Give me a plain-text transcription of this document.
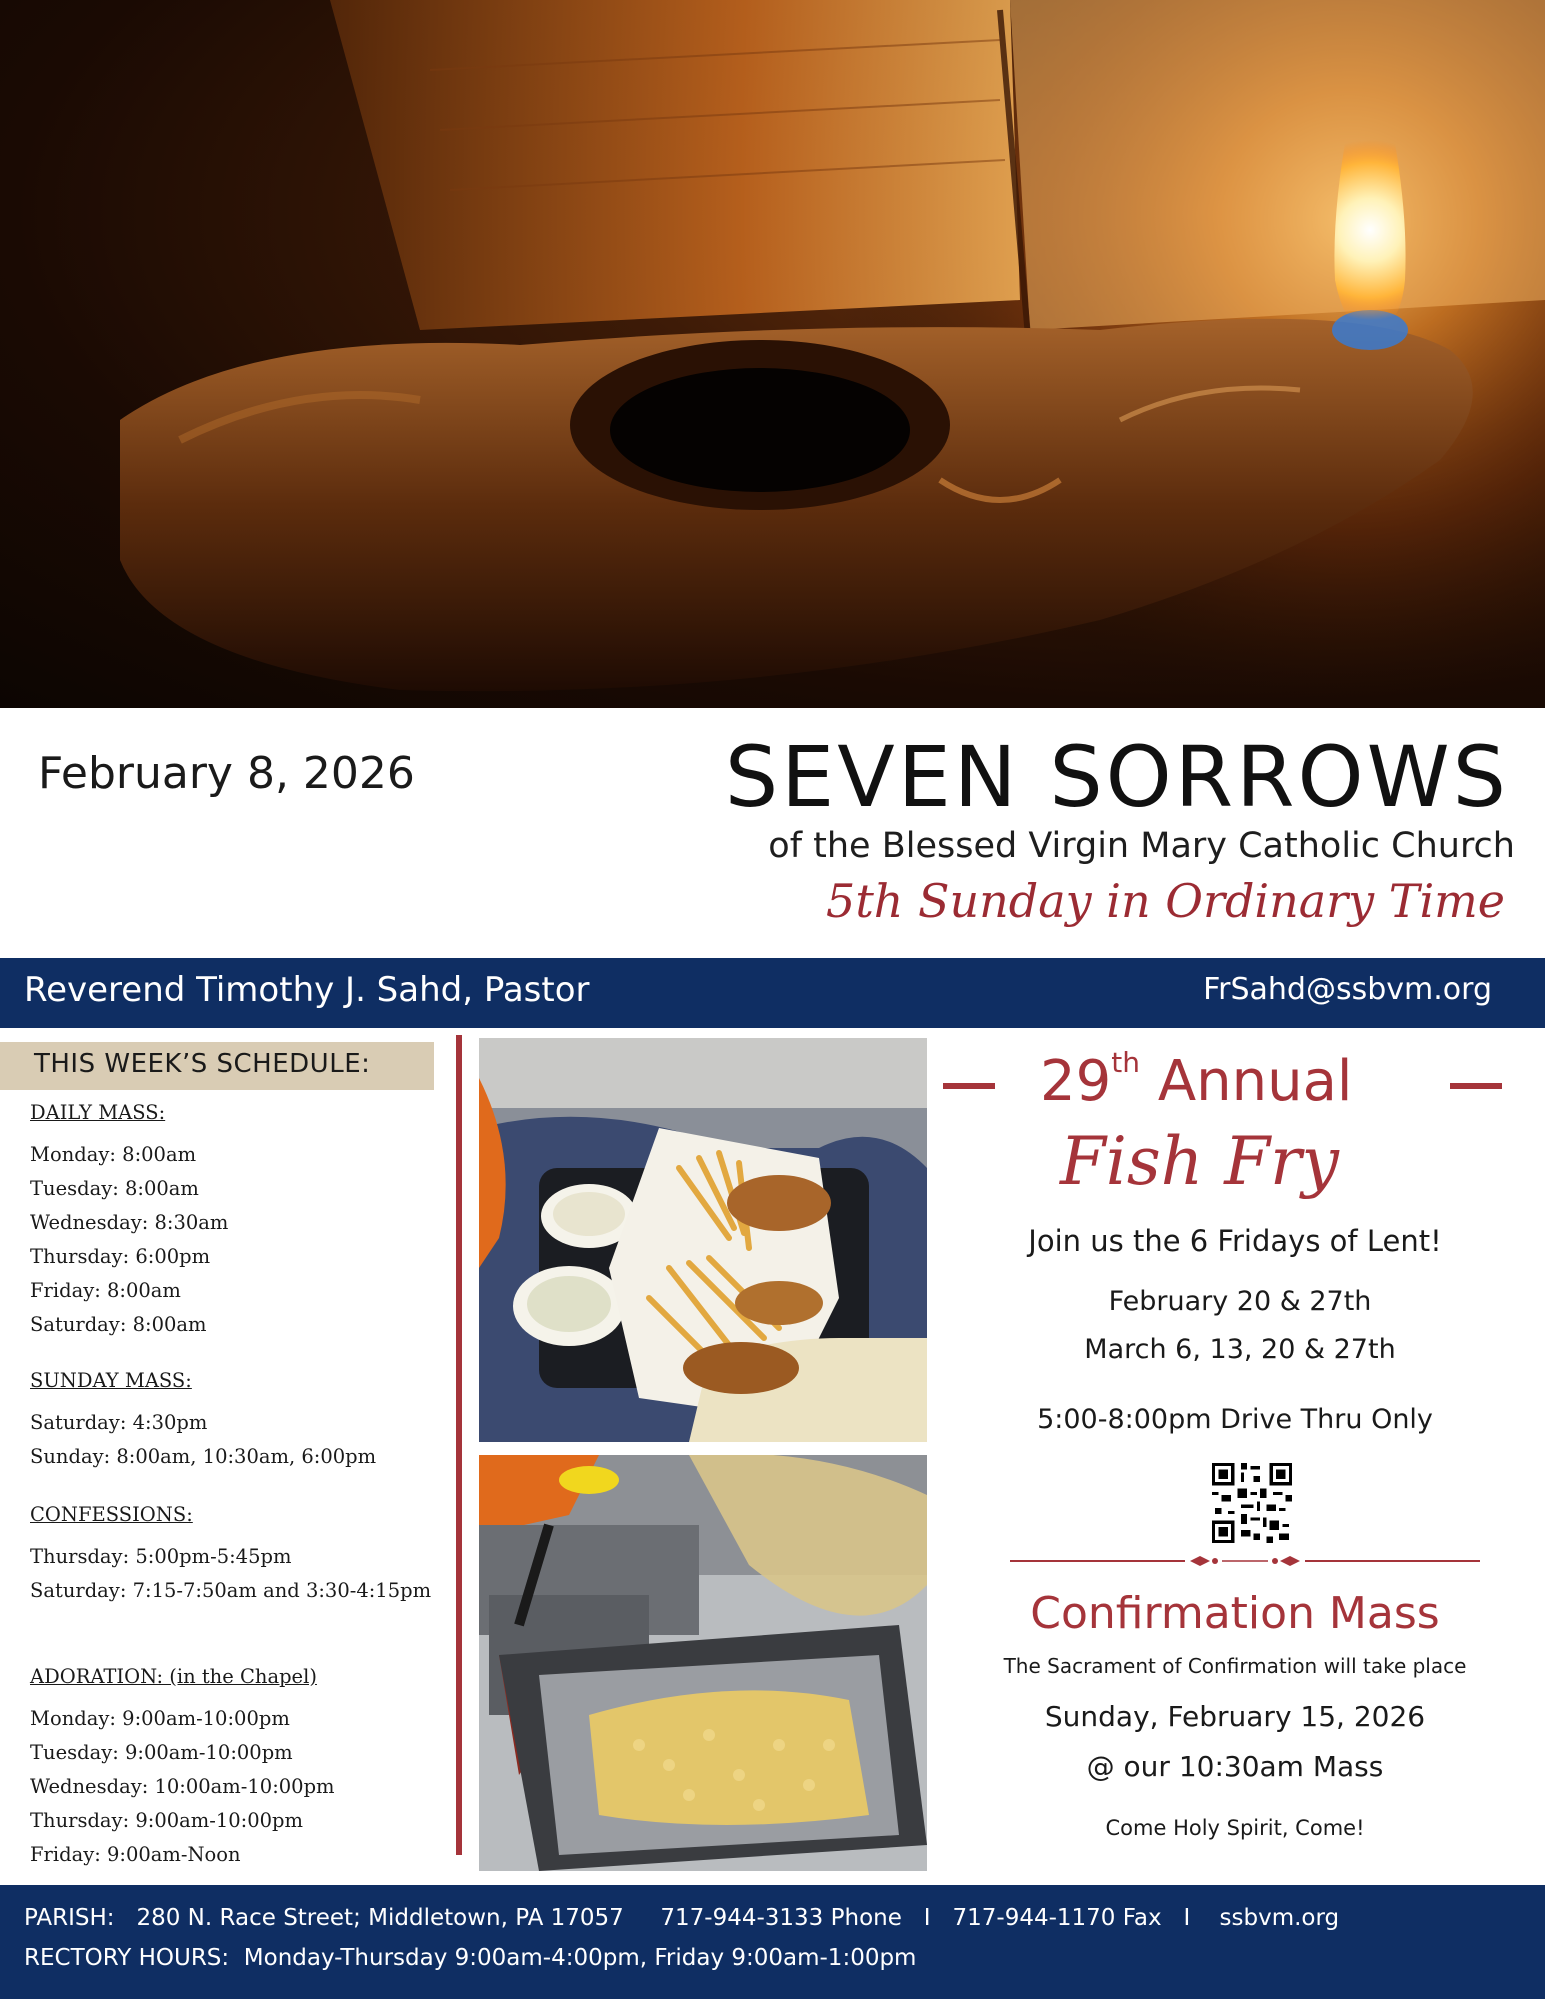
February 8, 2026	SEVEN SORROWS
of the Blessed Virgin Mary Catholic Church
5th Sunday in Ordinary Time
Reverend Timothy J. Sahd, Pastor	FrSahd@ssbvm.org
THIS WEEK’S SCHEDULE:
DAILY MASS:
Monday: 8:00am
Tuesday: 8:00am
Wednesday: 8:30am
Thursday: 6:00pm
Friday: 8:00am
Saturday: 8:00am
SUNDAY MASS:
Saturday: 4:30pm
Sunday: 8:00am, 10:30am, 6:00pm
CONFESSIONS:
Thursday: 5:00pm-5:45pm
Saturday: 7:15-7:50am and 3:30-4:15pm
ADORATION: (in the Chapel)
Monday: 9:00am-10:00pm
Tuesday: 9:00am-10:00pm
Wednesday: 10:00am-10:00pm
Thursday: 9:00am-10:00pm
Friday: 9:00am-Noon
29th Annual
Fish Fry
Join us the 6 Fridays of Lent!
February 20 & 27th
March 6, 13, 20 & 27th
5:00-8:00pm Drive Thru Only
Confirmation Mass
The Sacrament of Confirmation will take place
Sunday, February 15, 2026
@ our 10:30am Mass
Come Holy Spirit, Come!
PARISH:   280 N. Race Street; Middletown, PA 17057     717-944-3133 Phone   I   717-944-1170 Fax   I    ssbvm.org
RECTORY HOURS:  Monday-Thursday 9:00am-4:00pm, Friday 9:00am-1:00pm
